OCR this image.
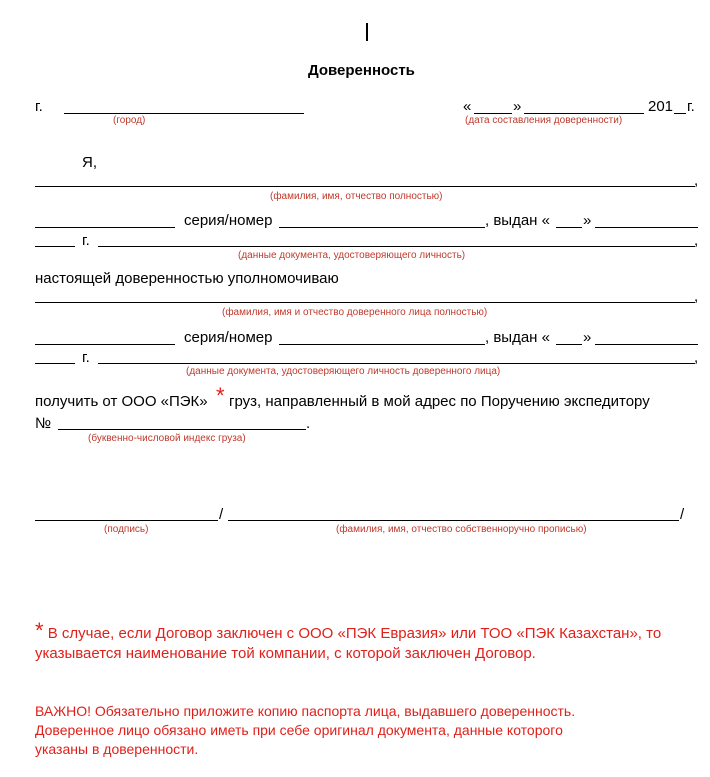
Доверенность
г.
(город)
«	»	201 г.
(дата составления доверенности)
Я,
,
(фамилия, имя, отчество полностью)
серия/номер	, выдан « »
г.	,
(данные документа, удостоверяющего личность)
настоящей доверенностью уполномочиваю
,
(фамилия, имя и отчество доверенного лица полностью)
серия/номер	, выдан « »
г.	,
(данные документа, удостоверяющего личность доверенного лица)
получить от ООО «ПЭК» * груз, направленный в мой адрес по Поручению экспедитору
№	.
(буквенно-числовой индекс груза)
/	/
(подпись)	(фамилия, имя, отчество собственноручно прописью)
* В случае, если Договор заключен с ООО «ПЭК Евразия» или ТОО «ПЭК Казахстан», то
указывается наименование той компании, с которой заключен Договор.
ВАЖНО! Обязательно приложите копию паспорта лица, выдавшего доверенность.
Доверенное лицо обязано иметь при себе оригинал документа, данные которого
указаны в доверенности.
